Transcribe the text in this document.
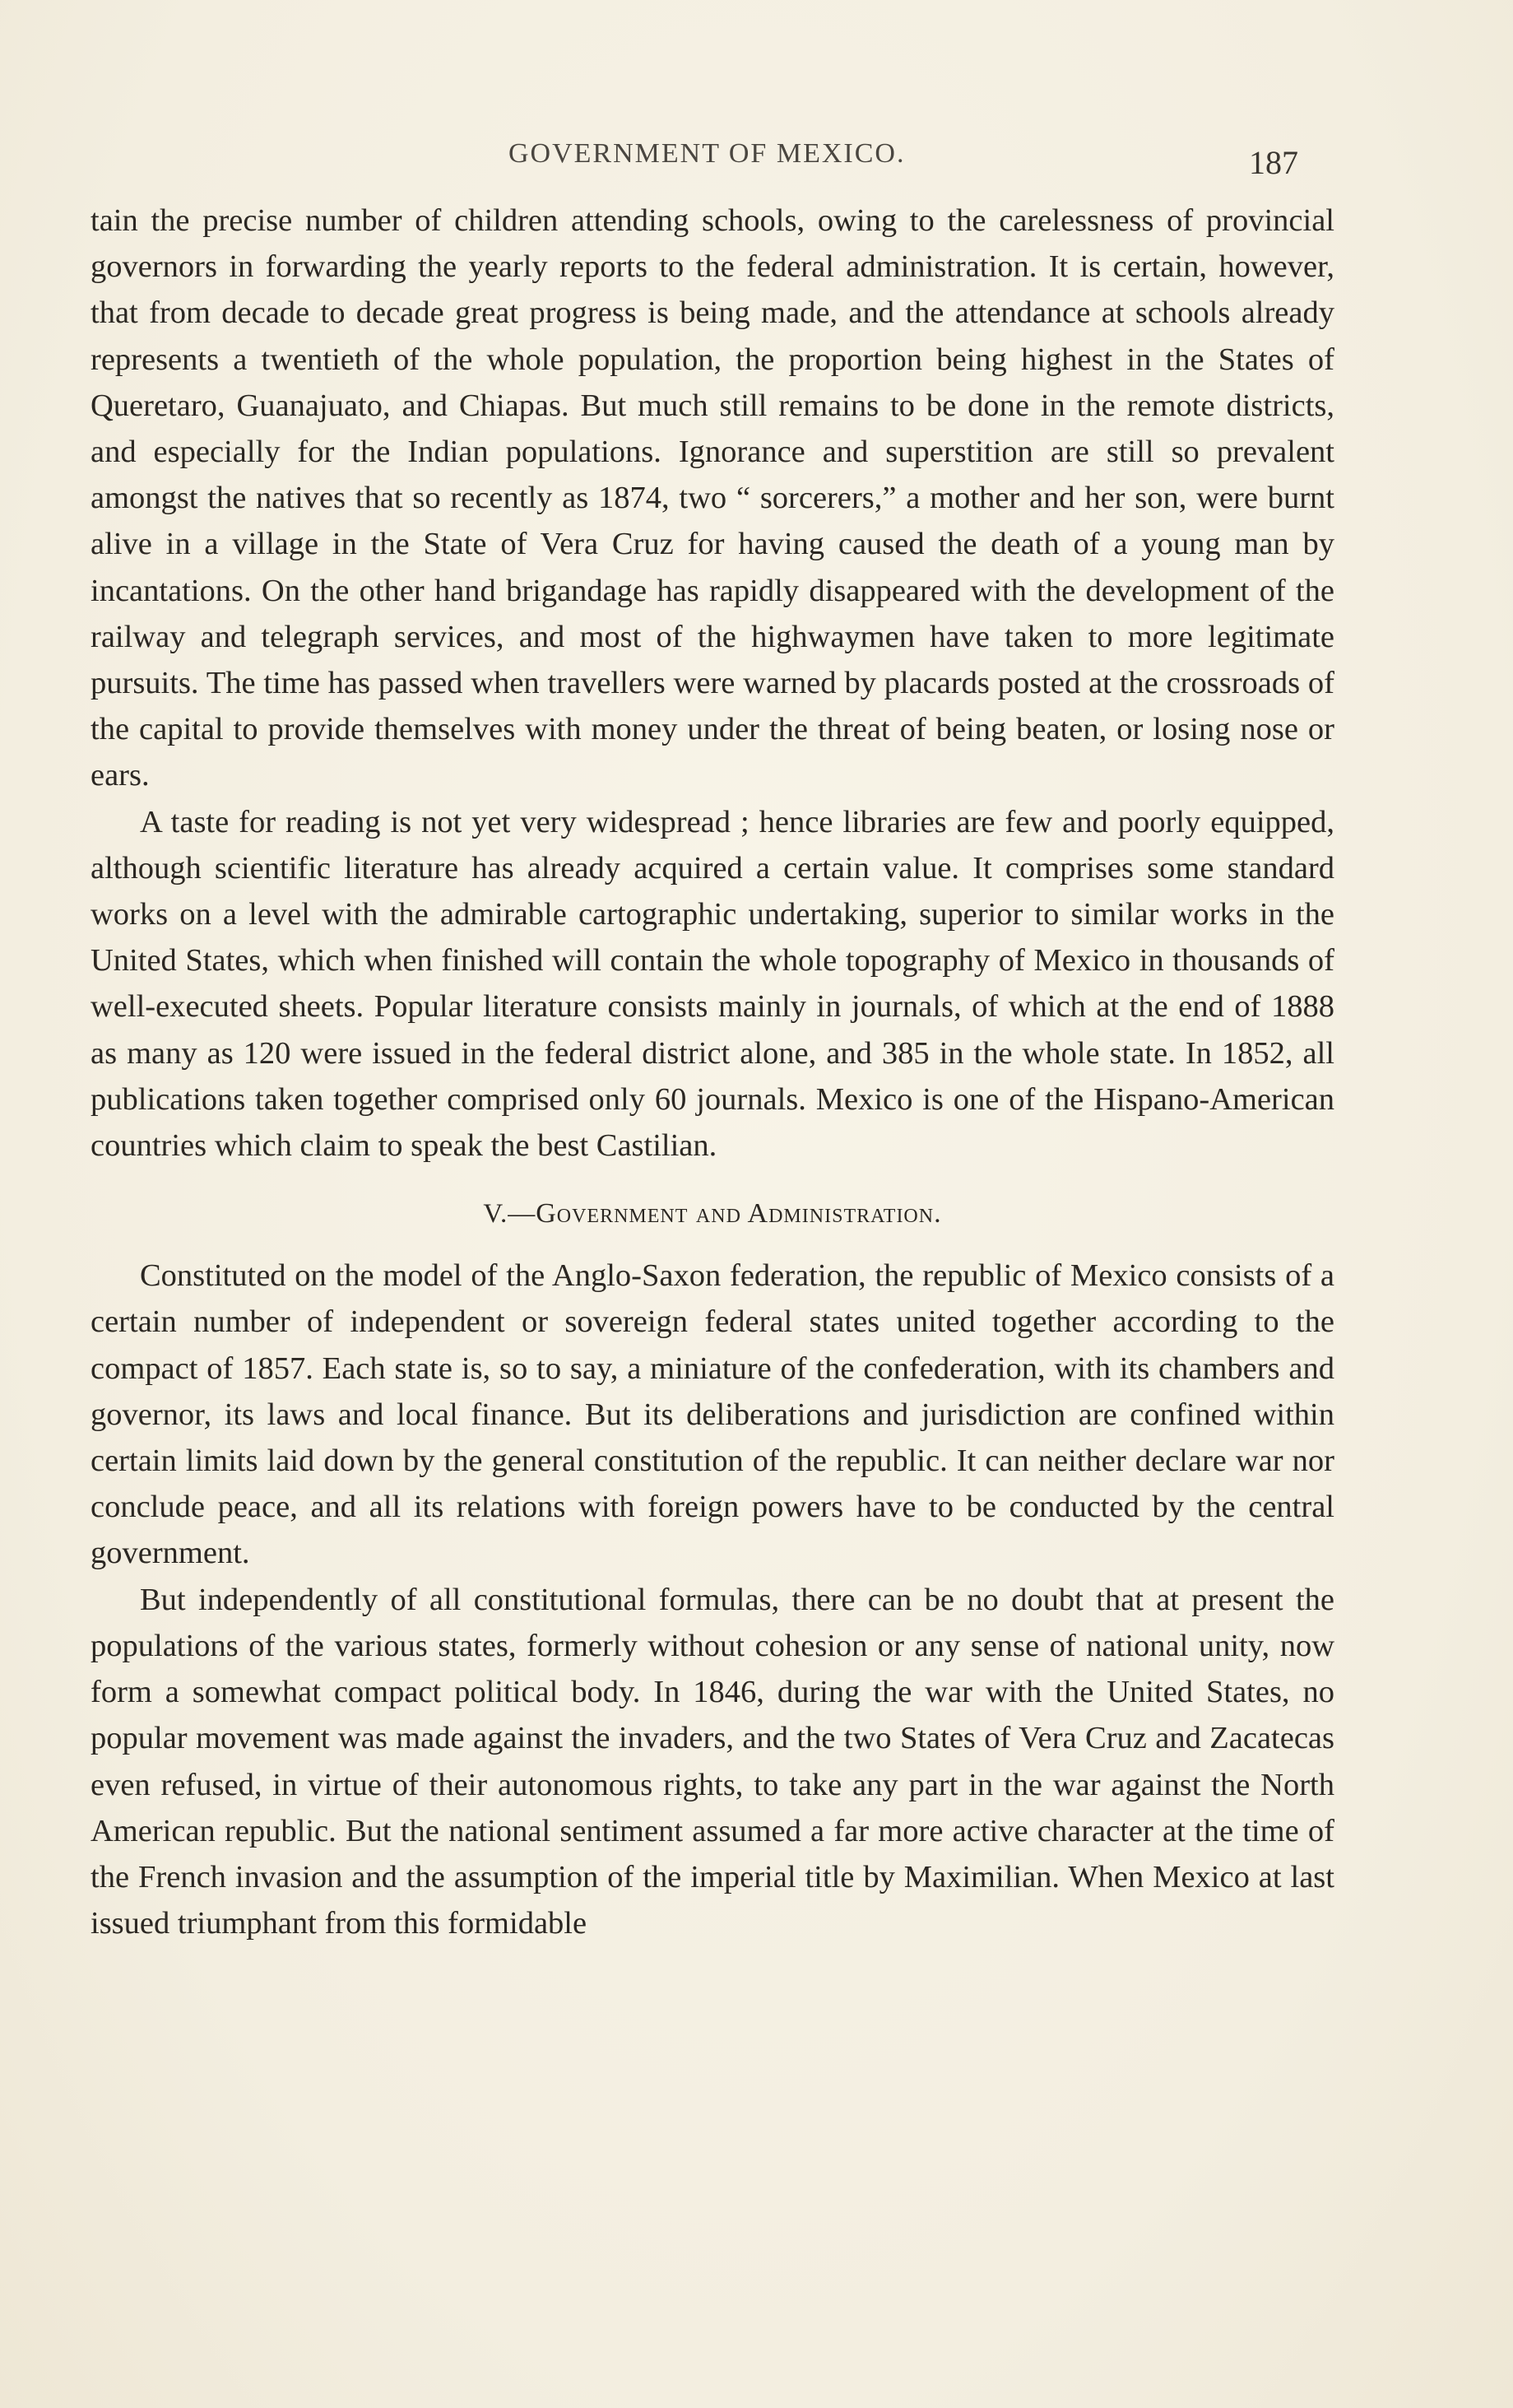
GOVERNMENT OF MEXICO.	187

tain the precise number of children attending schools, owing to the carelessness of provincial governors in forwarding the yearly reports to the federal administration. It is certain, however, that from decade to decade great progress is being made, and the attendance at schools already represents a twentieth of the whole population, the proportion being highest in the States of Queretaro, Guanajuato, and Chiapas. But much still remains to be done in the remote districts, and especially for the Indian populations. Ignorance and superstition are still so prevalent amongst the natives that so recently as 1874, two “ sorcerers,” a mother and her son, were burnt alive in a village in the State of Vera Cruz for having caused the death of a young man by incantations. On the other hand brigandage has rapidly disappeared with the development of the railway and telegraph services, and most of the highwaymen have taken to more legitimate pursuits. The time has passed when travellers were warned by placards posted at the crossroads of the capital to provide themselves with money under the threat of being beaten, or losing nose or ears.

A taste for reading is not yet very widespread ; hence libraries are few and poorly equipped, although scientific literature has already acquired a certain value. It comprises some standard works on a level with the admirable cartographic undertaking, superior to similar works in the United States, which when finished will contain the whole topography of Mexico in thousands of well-executed sheets. Popular literature consists mainly in journals, of which at the end of 1888 as many as 120 were issued in the federal district alone, and 385 in the whole state. In 1852, all publications taken together comprised only 60 journals. Mexico is one of the Hispano-American countries which claim to speak the best Castilian.

V.—Government and Administration.

Constituted on the model of the Anglo-Saxon federation, the republic of Mexico consists of a certain number of independent or sovereign federal states united together according to the compact of 1857. Each state is, so to say, a miniature of the confederation, with its chambers and governor, its laws and local finance. But its deliberations and jurisdiction are confined within certain limits laid down by the general constitution of the republic. It can neither declare war nor conclude peace, and all its relations with foreign powers have to be conducted by the central government.

But independently of all constitutional formulas, there can be no doubt that at present the populations of the various states, formerly without cohesion or any sense of national unity, now form a somewhat compact political body. In 1846, during the war with the United States, no popular movement was made against the invaders, and the two States of Vera Cruz and Zacatecas even refused, in virtue of their autonomous rights, to take any part in the war against the North American republic. But the national sentiment assumed a far more active character at the time of the French invasion and the assumption of the imperial title by Maximilian. When Mexico at last issued triumphant from this formidable
